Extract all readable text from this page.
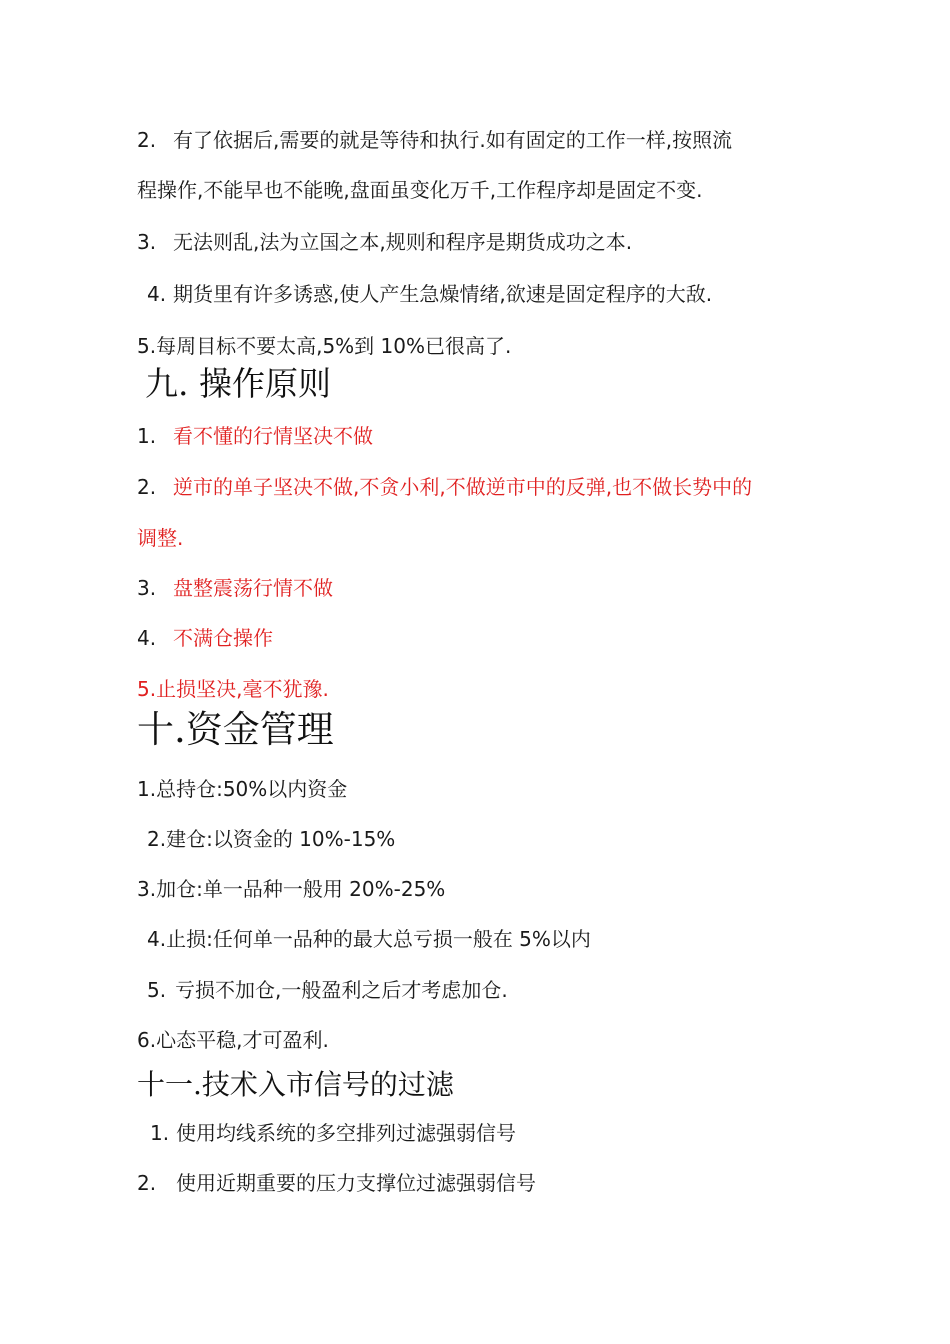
2. 有了依据后,需要的就是等待和执行.如有固定的工作一样,按照流
程操作,不能早也不能晚,盘面虽变化万千,工作程序却是固定不变.
3. 无法则乱,法为立国之本,规则和程序是期货成功之本.
4. 期货里有许多诱惑,使人产生急燥情绪,欲速是固定程序的大敌.
5.每周目标不要太高,5%到 10%已很高了.
九. 操作原则
1. 看不懂的行情坚决不做
2. 逆市的单子坚决不做,不贪小利,不做逆市中的反弹,也不做长势中的
调整.
3. 盘整震荡行情不做
4. 不满仓操作
5.止损坚决,毫不犹豫.
十.资金管理
1.总持仓:50%以内资金
2.建仓:以资金的 10%-15%
3.加仓:单一品种一般用 20%-25%
4.止损:任何单一品种的最大总亏损一般在 5%以内
5. 亏损不加仓,一般盈利之后才考虑加仓.
6.心态平稳,才可盈利.
十一.技术入市信号的过滤
1. 使用均线系统的多空排列过滤强弱信号
2. 使用近期重要的压力支撑位过滤强弱信号
